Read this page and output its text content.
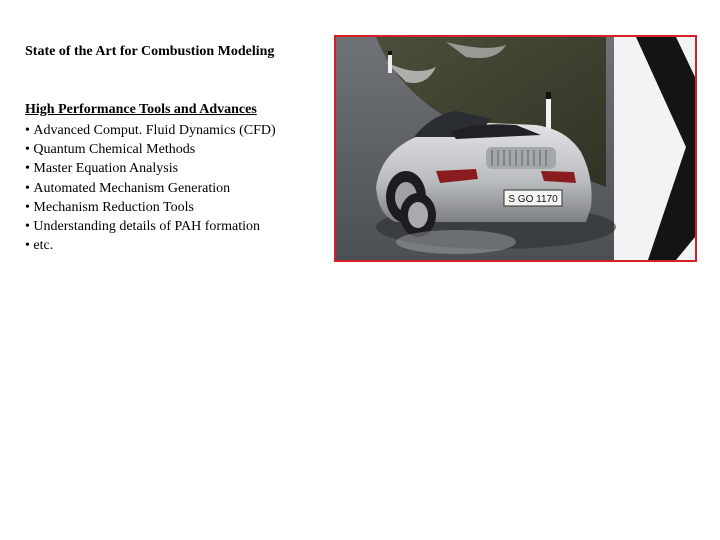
State of the Art for Combustion Modeling
High Performance Tools and Advances
• Advanced Comput. Fluid Dynamics (CFD)
• Quantum Chemical Methods
• Master Equation Analysis
• Automated Mechanism Generation
• Mechanism Reduction Tools
• Understanding details of PAH formation
• etc.
S GO 1170
